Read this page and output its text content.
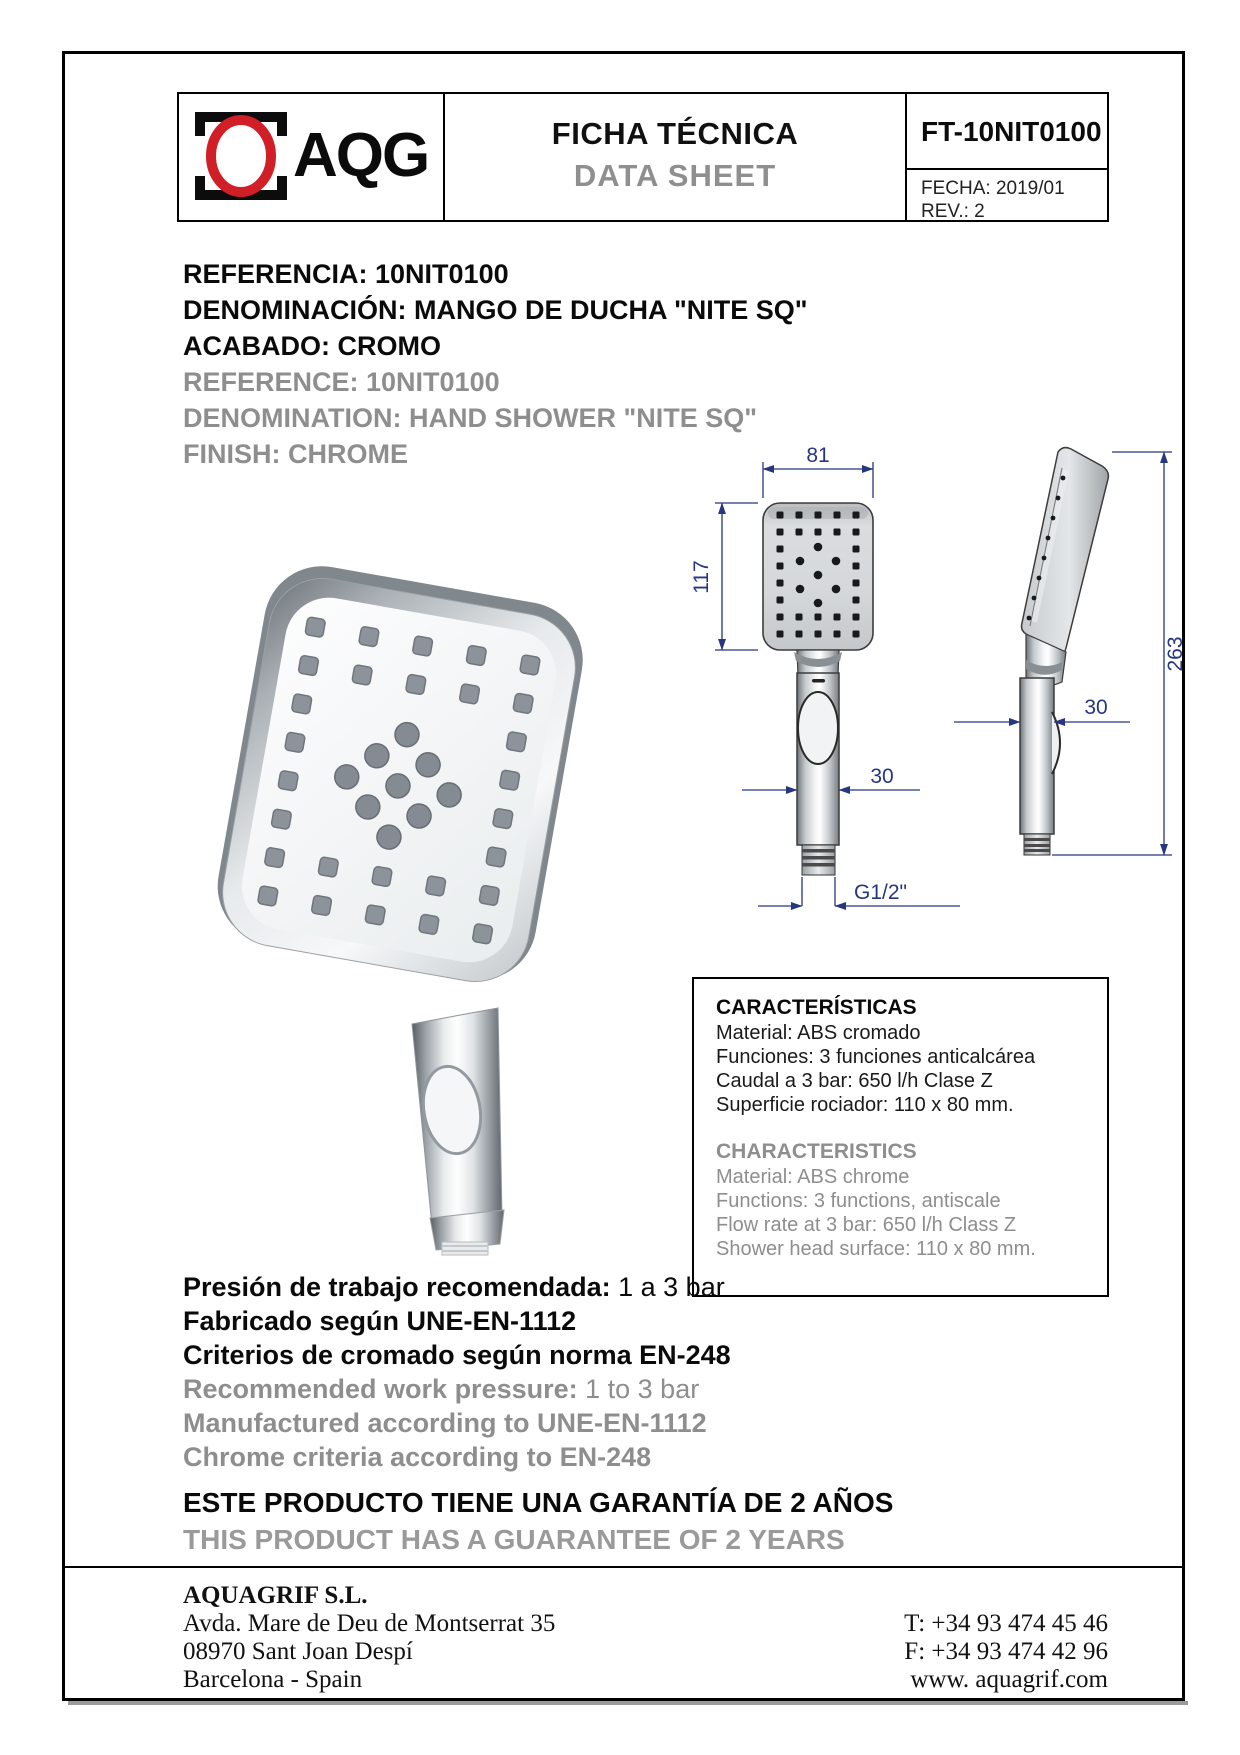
AQG	FICHA TÉCNICA
DATA SHEET
FT-10NIT0100
FECHA: 2019/01
REV.: 2
REFERENCIA: 10NIT0100
DENOMINACIÓN: MANGO DE DUCHA "NITE SQ"
ACABADO: CROMO
REFERENCE: 10NIT0100
DENOMINATION: HAND SHOWER "NITE SQ"
FINISH: CHROME	81
117
30
G1/2"
263
30
CARACTERÍSTICAS
Material: ABS cromado
Funciones: 3 funciones anticalcárea
Caudal a 3 bar: 650 l/h Clase Z
Superficie rociador: 110 x 80 mm.
CHARACTERISTICS
Material: ABS chrome
Functions: 3 functions, antiscale
Flow rate at 3 bar: 650 l/h Class Z
Shower head surface: 110 x 80 mm.
Presión de trabajo recomendada: 1 a 3 bar
Fabricado según UNE-EN-1112
Criterios de cromado según norma EN-248
Recommended work pressure: 1 to 3 bar
Manufactured according to UNE-EN-1112
Chrome criteria according to EN-248
ESTE PRODUCTO TIENE UNA GARANTÍA DE 2 AÑOS
THIS PRODUCT HAS A GUARANTEE OF 2 YEARS
AQUAGRIF S.L.
Avda. Mare de Deu de Montserrat 35
08970 Sant Joan Despí
Barcelona - Spain
T: +34 93 474 45 46
F: +34 93 474 42 96
www. aquagrif.com
